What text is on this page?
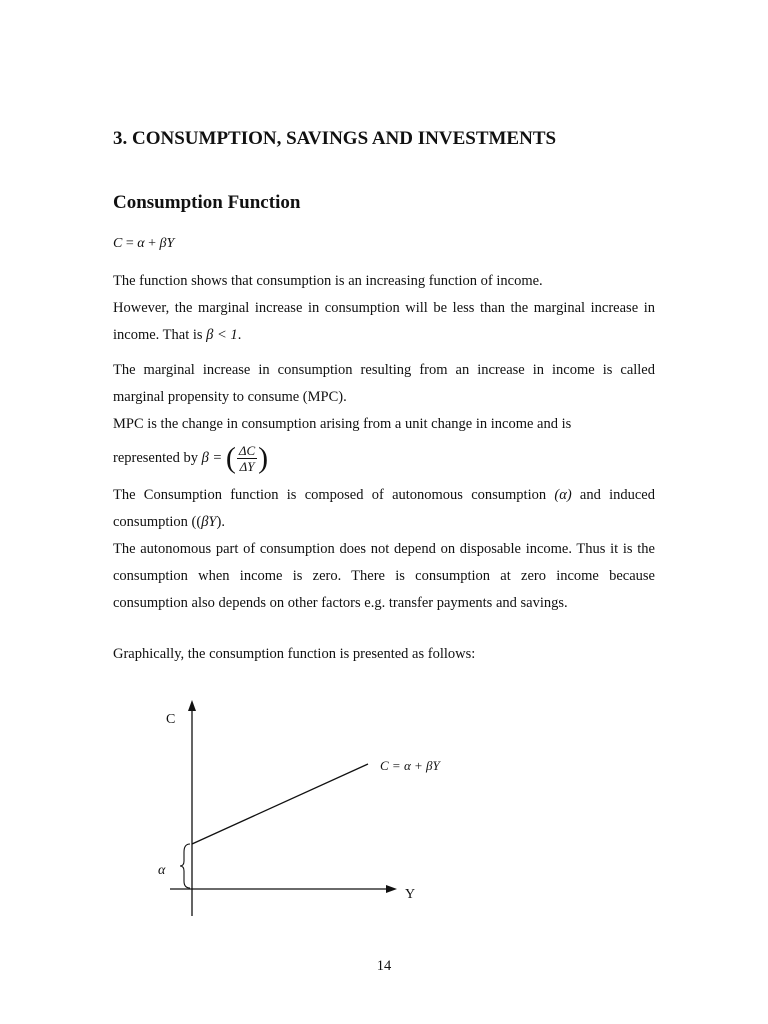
3. CONSUMPTION, SAVINGS AND INVESTMENTS
Consumption Function
C = α + βY

The function shows that consumption is an increasing function of income.

However, the marginal increase in consumption will be less than the marginal increase in income. That is β < 1.

The marginal increase in consumption resulting from an increase in income is called marginal propensity to consume (MPC).

MPC is the change in consumption arising from a unit change in income and is

represented by β = ( $\frac{\Delta C}{\Delta Y}$ )

The Consumption function is composed of autonomous consumption (α) and induced consumption ((βY).

The autonomous part of consumption does not depend on disposable income. Thus it is the consumption when income is zero. There is consumption at zero income because consumption also depends on other factors e.g. transfer payments and savings.

Graphically, the consumption function is presented as follows:
C
Y
α
C = α + βY
14
